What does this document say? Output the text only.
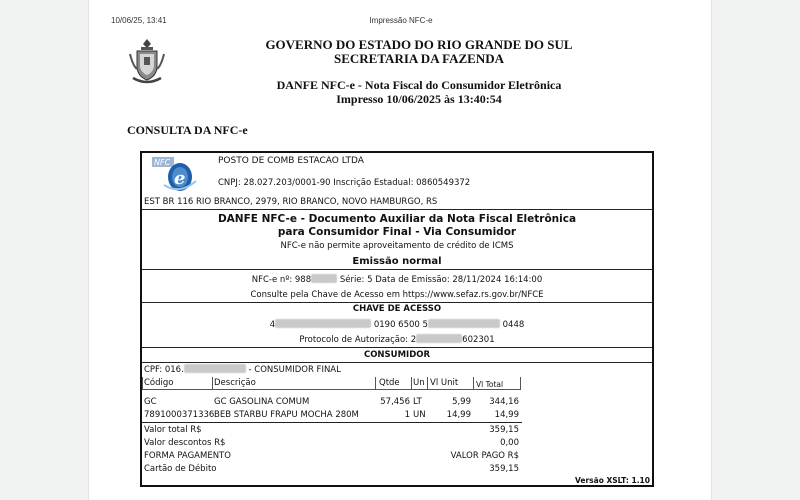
Impressão NFC-e
10/06/25, 13:41
GOVERNO DO ESTADO DO RIO GRANDE DO SUL
SECRETARIA DA FAZENDA
DANFE NFC-e - Nota Fiscal do Consumidor Eletrônica
Impresso 10/06/2025 às 13:40:54
CONSULTA DA NFC-e
NFC
e
POSTO DE COMB ESTACAO LTDA
CNPJ: 28.027.203/0001-90 Inscrição Estadual: 0860549372
EST BR 116 RIO BRANCO, 2979, RIO BRANCO, NOVO HAMBURGO, RS
DANFE NFC-e - Documento Auxiliar da Nota Fiscal Eletrônica
para Consumidor Final - Via Consumidor
NFC-e não permite aproveitamento de crédito de ICMS
Emissão normal
NFC-e nº: 988	Série: 5 Data de Emissão: 28/11/2024 16:14:00
Consulte pela Chave de Acesso em https://www.sefaz.rs.gov.br/NFCE
CHAVE DE ACESSO
4	0190 6500 5	0448
Protocolo de Autorização: 2	602301
CONSUMIDOR
CPF: 016.	- CONSUMIDOR FINAL
Código	Descrição	Qtde Un Vl Unit Vl Total
GC	GC GASOLINA COMUM	57,456 LT	5,99	344,16
7891000371336 BEB STARBU FRAPU MOCHA 280M	1 UN	14,99	14,99
Valor total R$	359,15
Valor descontos R$	0,00
FORMA PAGAMENTO	VALOR PAGO R$
Cartão de Débito	359,15
Versão XSLT: 1.10
